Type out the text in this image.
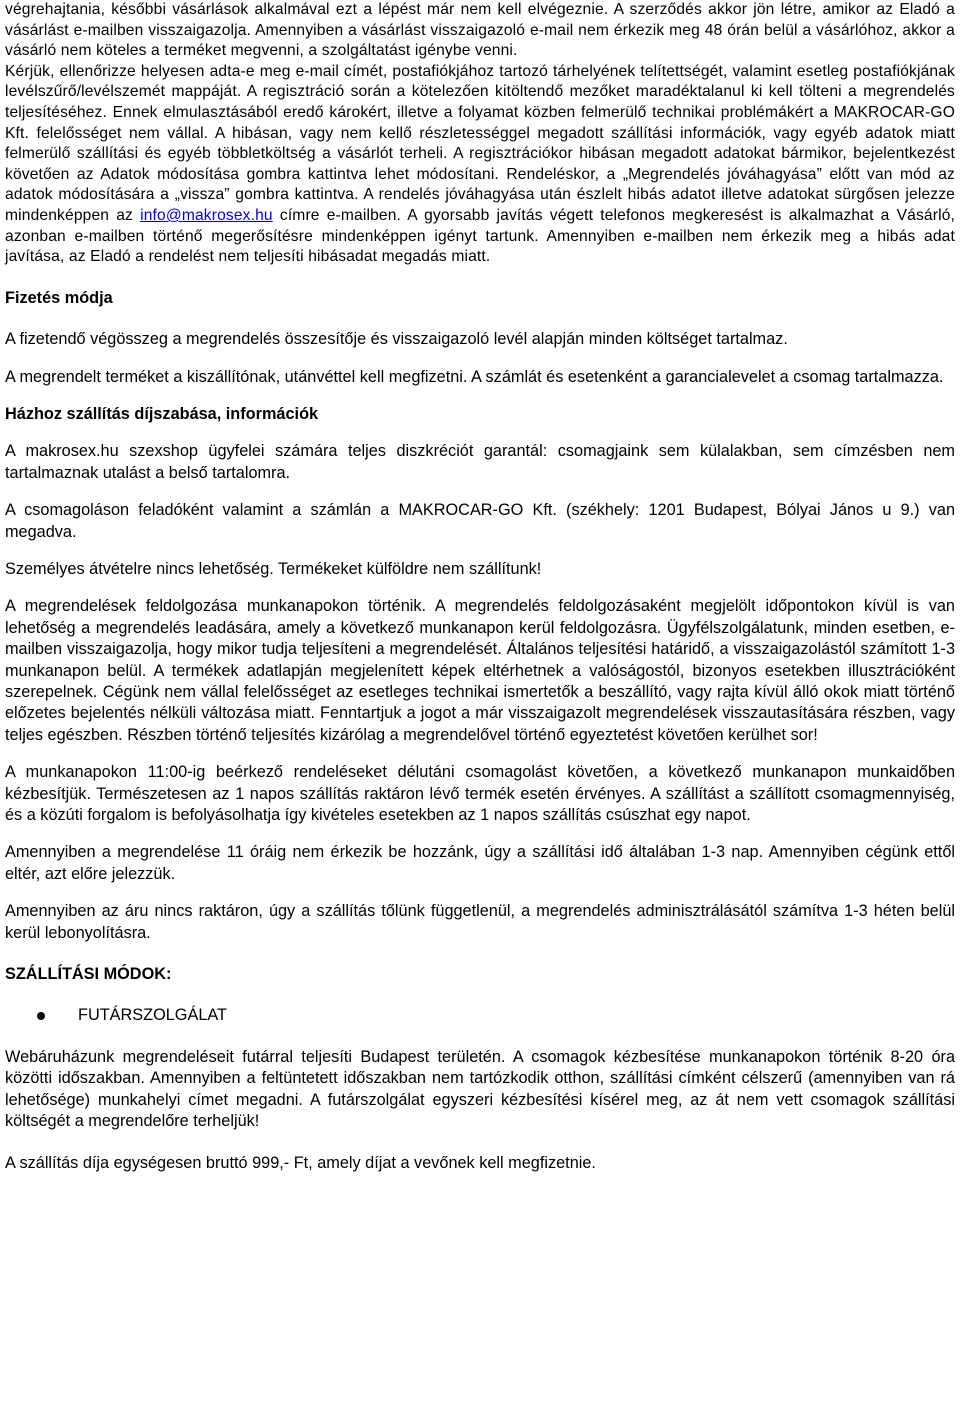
végrehajtania, későbbi vásárlások alkalmával ezt a lépést már nem kell elvégeznie. A szerződés akkor jön létre, amikor az Eladó a vásárlást e-mailben visszaigazolja. Amennyiben a vásárlást visszaigazoló e-mail nem érkezik meg 48 órán belül a vásárlóhoz, akkor a vásárló nem köteles a terméket megvenni, a szolgáltatást igénybe venni.

Kérjük, ellenőrizze helyesen adta-e meg e-mail címét, postafiókjához tartozó tárhelyének telítettségét, valamint esetleg postafiókjának levélszűrő/levélszemét mappáját. A regisztráció során a kötelezően kitöltendő mezőket maradéktalanul ki kell tölteni a megrendelés teljesítéséhez. Ennek elmulasztásából eredő károkért, illetve a folyamat közben felmerülő technikai problémákért a MAKROCAR-GO Kft. felelősséget nem vállal. A hibásan, vagy nem kellő részletességgel megadott szállítási információk, vagy egyéb adatok miatt felmerülő szállítási és egyéb többletköltség a vásárlót terheli. A regisztrációkor hibásan megadott adatokat bármikor, bejelentkezést követően az Adatok módosítása gombra kattintva lehet módosítani. Rendeléskor, a „Megrendelés jóváhagyása” előtt van mód az adatok módosítására a „vissza” gombra kattintva. A rendelés jóváhagyása után észlelt hibás adatot illetve adatokat sürgősen jelezze mindenképpen az info@makrosex.hu címre e-mailben. A gyorsabb javítás végett telefonos megkeresést is alkalmazhat a Vásárló, azonban e-mailben történő megerősítésre mindenképpen igényt tartunk. Amennyiben e-mailben nem érkezik meg a hibás adat javítása, az Eladó a rendelést nem teljesíti hibásadat megadás miatt.

Fizetés módja

A fizetendő végösszeg a megrendelés összesítője és visszaigazoló levél alapján minden költséget tartalmaz.

A megrendelt terméket a kiszállítónak, utánvéttel kell megfizetni. A számlát és esetenként a garancialevelet a csomag tartalmazza.

Házhoz szállítás díjszabása, információk

A makrosex.hu szexshop ügyfelei számára teljes diszkréciót garantál: csomagjaink sem külalakban, sem címzésben nem tartalmaznak utalást a belső tartalomra.

A csomagoláson feladóként valamint a számlán a MAKROCAR-GO Kft. (székhely: 1201 Budapest, Bólyai János u 9.) van megadva.

Személyes átvételre nincs lehetőség. Termékeket külföldre nem szállítunk!

A megrendelések feldolgozása munkanapokon történik. A megrendelés feldolgozásaként megjelölt időpontokon kívül is van lehetőség a megrendelés leadására, amely a következő munkanapon kerül feldolgozásra. Ügyfélszolgálatunk, minden esetben, e-mailben visszaigazolja, hogy mikor tudja teljesíteni a megrendelését. Általános teljesítési határidő, a visszaigazolástól számított 1-3 munkanapon belül. A termékek adatlapján megjelenített képek eltérhetnek a valóságostól, bizonyos esetekben illusztrációként szerepelnek. Cégünk nem vállal felelősséget az esetleges technikai ismertetők a beszállító, vagy rajta kívül álló okok miatt történő előzetes bejelentés nélküli változása miatt. Fenntartjuk a jogot a már visszaigazolt megrendelések visszautasítására részben, vagy teljes egészben. Részben történő teljesítés kizárólag a megrendelővel történő egyeztetést követően kerülhet sor!

A munkanapokon 11:00-ig beérkező rendeléseket délutáni csomagolást követően, a következő munkanapon munkaidőben kézbesítjük. Természetesen az 1 napos szállítás raktáron lévő termék esetén érvényes. A szállítást a szállított csomagmennyiség, és a közúti forgalom is befolyásolhatja így kivételes esetekben az 1 napos szállítás csúszhat egy napot.

Amennyiben a megrendelése 11 óráig nem érkezik be hozzánk, úgy a szállítási idő általában 1-3 nap. Amennyiben cégünk ettől eltér, azt előre jelezzük.

Amennyiben az áru nincs raktáron, úgy a szállítás tőlünk függetlenül, a megrendelés adminisztrálásától számítva 1-3 héten belül kerül lebonyolításra.

SZÁLLÍTÁSI MÓDOK:
FUTÁRSZOLGÁLAT

Webáruházunk megrendeléseit futárral teljesíti Budapest területén. A csomagok kézbesítése munkanapokon történik 8-20 óra közötti időszakban. Amennyiben a feltüntetett időszakban nem tartózkodik otthon, szállítási címként célszerű (amennyiben van rá lehetősége) munkahelyi címet megadni. A futárszolgálat egyszeri kézbesítési kísérel meg, az át nem vett csomagok szállítási költségét a megrendelőre terheljük!

A szállítás díja egységesen bruttó 999,- Ft, amely díjat a vevőnek kell megfizetnie.
